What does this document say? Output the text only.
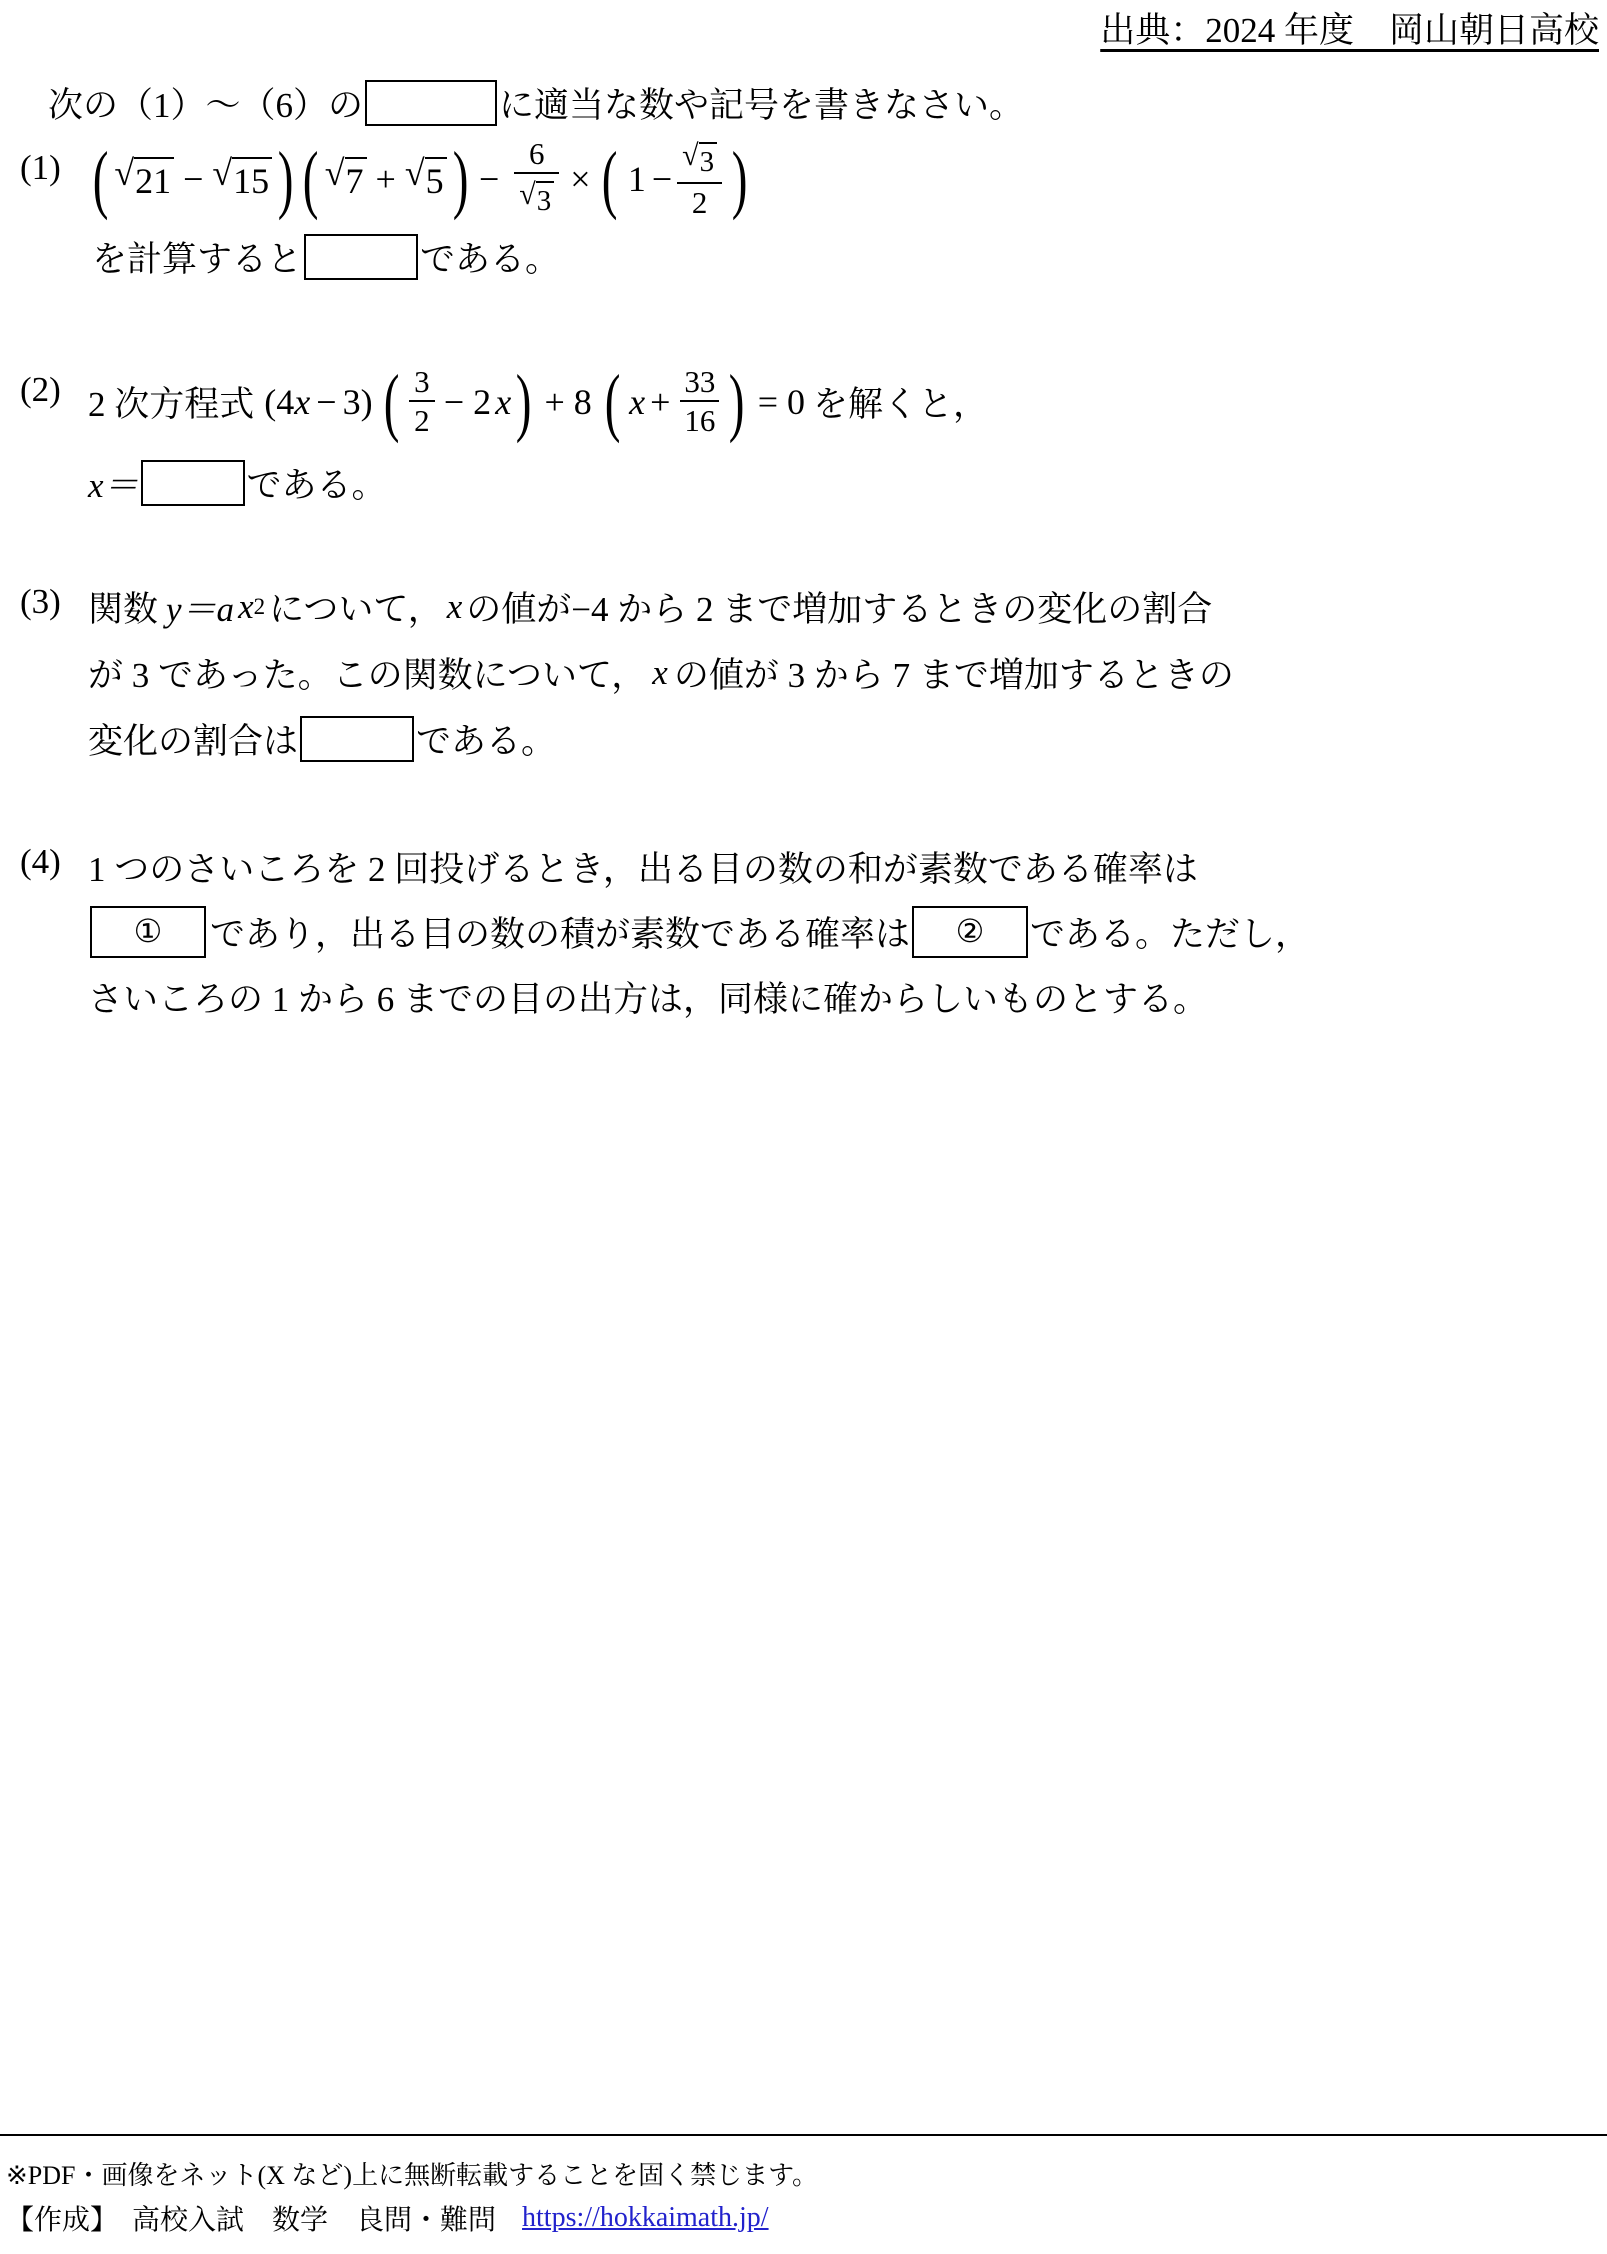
出典：2024 年度　岡山朝日高校
次の（1）〜（6）の	に適当な数や記号を書きなさい。
(1) ( √ 21 − √ 15 ) ( √ 7 + √ 5 ) − $\frac{6}{√ 3}$ × ( $1 - \frac{√ 3}{2}$ )
を計算すると	である。
(2) 2 次方程式 ( 4 x − 3 ) ( $\frac{3}{2} - 2$ x ) + 8 ( $x + \frac{33}{16}$ ) = 0 を解くと，
x＝	である。
(3) 関数 y＝a x 2 について， x の値が−4 から 2 まで増加するときの変化の割合
が 3 であった。この関数について， x の値が 3 から 7 まで増加するときの
変化の割合は	である。
(4) 1 つのさいころを 2 回投げるとき，出る目の数の和が素数である確率は
①	であり，出る目の数の積が素数である確率は	②	である。ただし，
さいころの 1 から 6 までの目の出方は，同様に確からしいものとする。
※PDF・画像をネット(X など)上に無断転載することを固く禁じます。
【作成】 高校入試　数学　良問・難問 https://hokkaimath.jp/
